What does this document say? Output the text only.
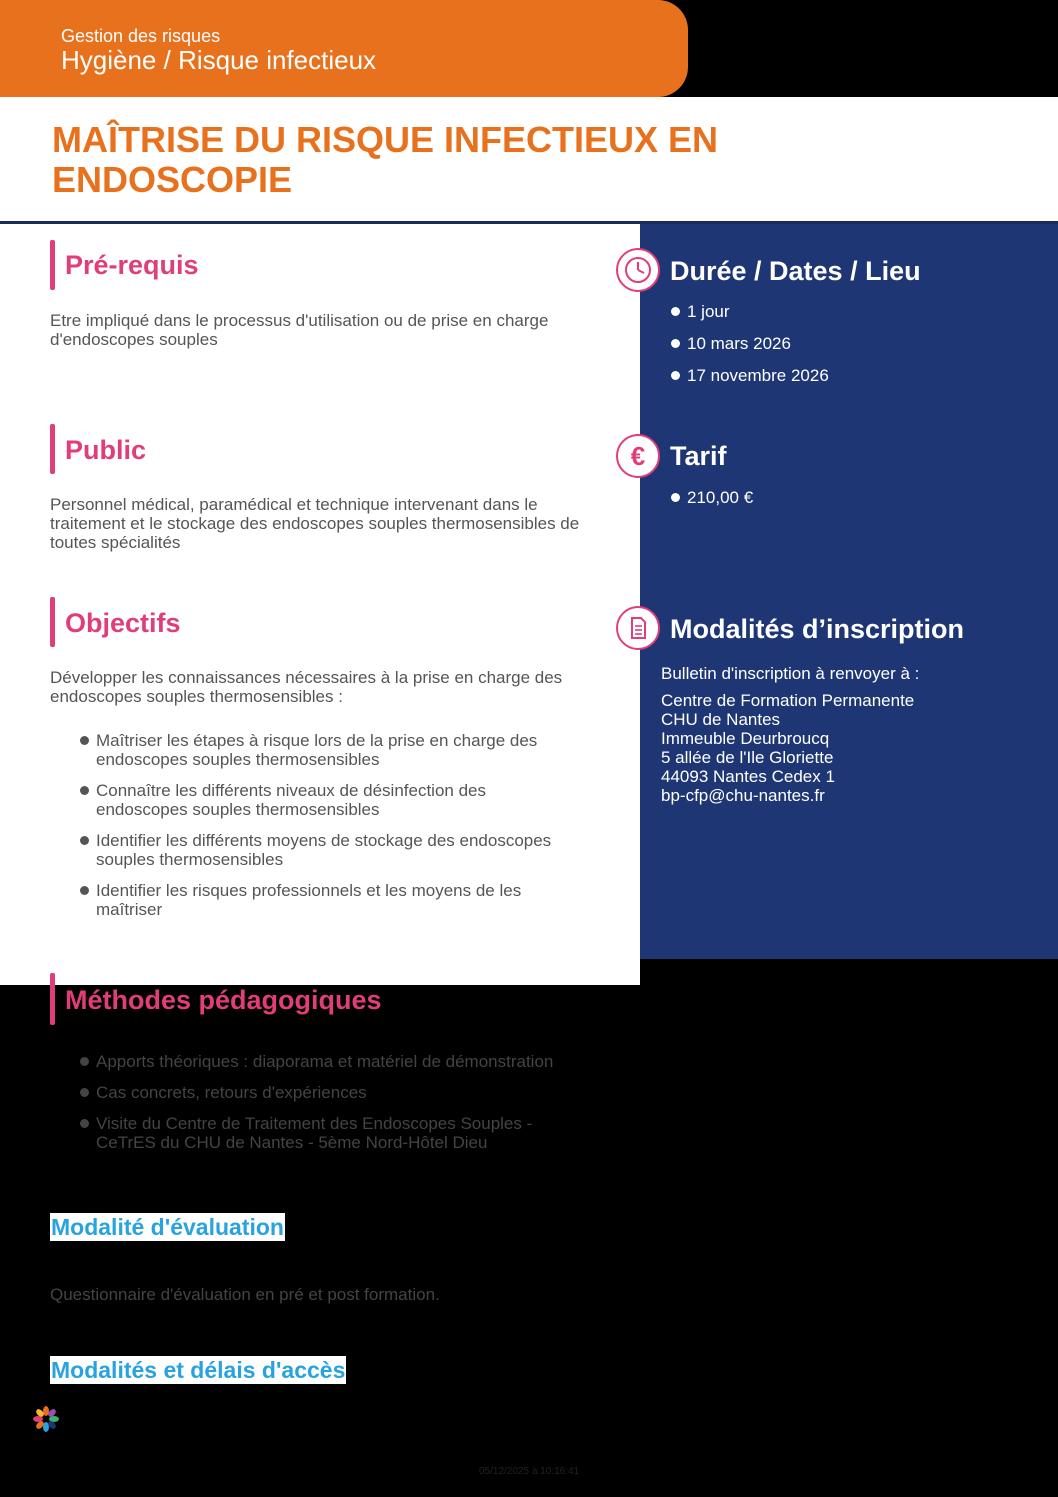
Gestion des risques
Hygiène / Risque infectieux
MAÎTRISE DU RISQUE INFECTIEUX EN ENDOSCOPIE
Pré-requis
Etre impliqué dans le processus d'utilisation ou de prise en charge d'endoscopes souples
Public
Personnel médical, paramédical et technique intervenant dans le traitement et le stockage des endoscopes souples thermosensibles de toutes spécialités
Objectifs
Développer les connaissances nécessaires à la prise en charge des endoscopes souples thermosensibles :
Maîtriser les étapes à risque lors de la prise en charge des endoscopes souples thermosensibles
Connaître les différents niveaux de désinfection des endoscopes souples thermosensibles
Identifier les différents moyens de stockage des endoscopes souples thermosensibles
Identifier les risques professionnels et les moyens de les maîtriser
Méthodes pédagogiques
Apports théoriques : diaporama et matériel de démonstration
Cas concrets, retours d'expériences
Visite du Centre de Traitement des Endoscopes Souples - CeTrES du CHU de Nantes - 5ème Nord-Hôtel Dieu
Modalité d'évaluation
Questionnaire d'évaluation en pré et post formation.
Modalités et délais d'accès
Durée / Dates / Lieu
1 jour
10 mars 2026
17 novembre 2026
€ Tarif
210,00 €
Modalités d’inscription
Bulletin d'inscription à renvoyer à :
Centre de Formation Permanente
CHU de Nantes
Immeuble Deurbroucq
5 allée de l'Ile Gloriette
44093 Nantes Cedex 1
bp-cfp@chu-nantes.fr
05/12/2025 à 10:16:41
